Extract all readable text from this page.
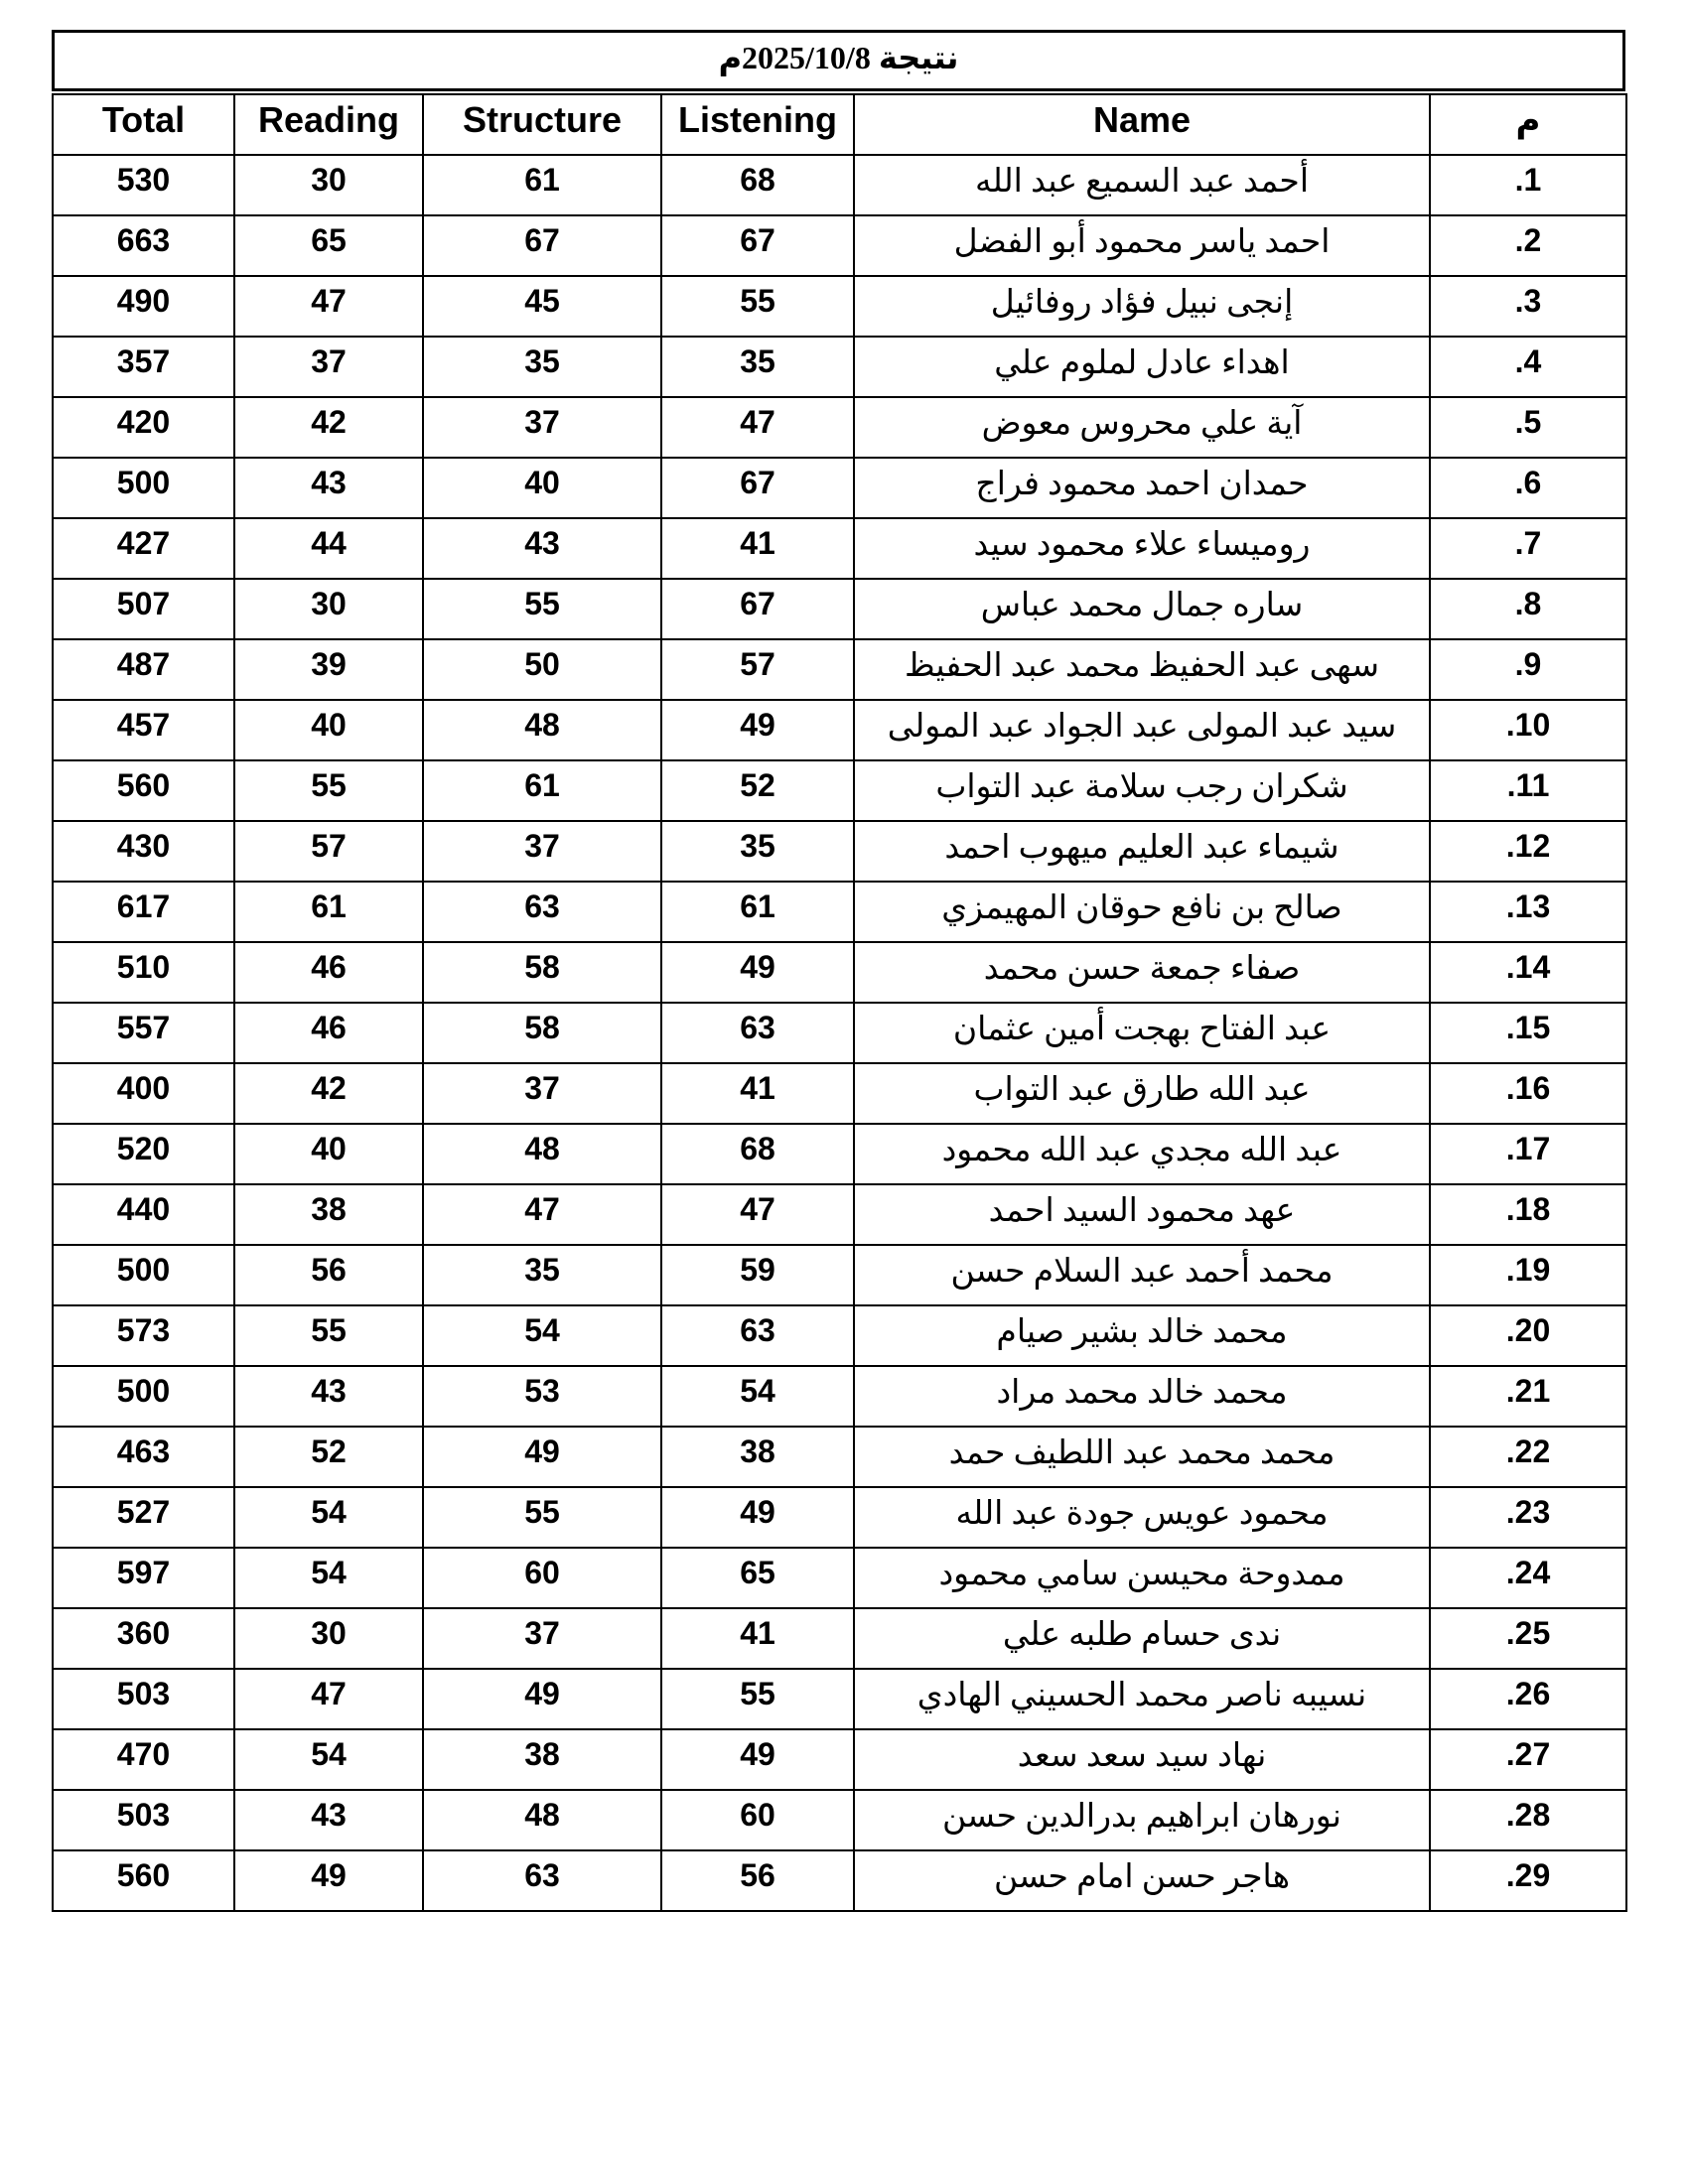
نتيجة 2025/10/8م
Total	Reading	Structure	Listening	Name	م
530	30	61	68	أحمد عبد السميع عبد الله	.1
663	65	67	67	احمد ياسر محمود أبو الفضل	.2
490	47	45	55	إنجى نبيل فؤاد روفائيل	.3
357	37	35	35	اهداء عادل لملوم علي	.4
420	42	37	47	آية علي محروس معوض	.5
500	43	40	67	حمدان احمد محمود فراج	.6
427	44	43	41	روميساء علاء محمود سيد	.7
507	30	55	67	ساره جمال محمد عباس	.8
487	39	50	57	سهى عبد الحفيظ محمد عبد الحفيظ	.9
457	40	48	49	سيد عبد المولى عبد الجواد عبد المولى	.10
560	55	61	52	شكران رجب سلامة عبد التواب	.11
430	57	37	35	شيماء عبد العليم ميهوب احمد	.12
617	61	63	61	صالح بن نافع حوقان المهيمزي	.13
510	46	58	49	صفاء جمعة حسن محمد	.14
557	46	58	63	عبد الفتاح بهجت أمين عثمان	.15
400	42	37	41	عبد الله طارق عبد التواب	.16
520	40	48	68	عبد الله مجدي عبد الله محمود	.17
440	38	47	47	عهد محمود السيد احمد	.18
500	56	35	59	محمد أحمد عبد السلام حسن	.19
573	55	54	63	محمد خالد بشير صيام	.20
500	43	53	54	محمد خالد محمد مراد	.21
463	52	49	38	محمد محمد عبد اللطيف حمد	.22
527	54	55	49	محمود عويس جودة عبد الله	.23
597	54	60	65	ممدوحة محيسن سامي محمود	.24
360	30	37	41	ندى حسام طلبه علي	.25
503	47	49	55	نسيبه ناصر محمد الحسيني الهادي	.26
470	54	38	49	نهاد سيد سعد سعد	.27
503	43	48	60	نورهان ابراهيم بدرالدين حسن	.28
560	49	63	56	هاجر حسن امام حسن	.29
